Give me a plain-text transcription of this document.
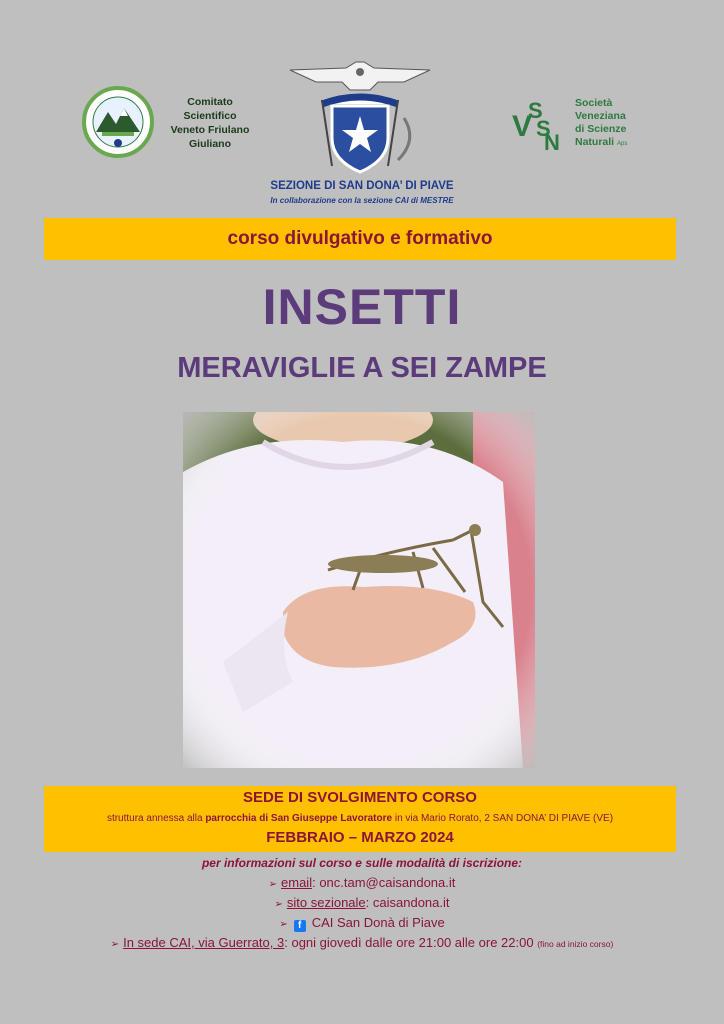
Comitato
Scientifico
Veneto Friulano
Giuliano
V
S
S
N
Società
Veneziana
di Scienze
Naturali Aps
SEZIONE DI SAN DONA’ DI PIAVE
In collaborazione con la sezione CAI di MESTRE
corso divulgativo e formativo
INSETTI
MERAVIGLIE A SEI ZAMPE
SEDE DI SVOLGIMENTO CORSO
struttura annessa alla parrocchia di San Giuseppe Lavoratore in via Mario Rorato, 2 SAN DONA’ DI PIAVE (VE)
FEBBRAIO – MARZO 2024
per informazioni sul corso e sulle modalità di iscrizione:
➢ email: onc.tam@caisandona.it
➢ sito sezionale: caisandona.it
➢ f CAI San Donà di Piave
➢ In sede CAI, via Guerrato, 3: ogni giovedì dalle ore 21:00 alle ore 22:00 (fino ad inizio corso)
